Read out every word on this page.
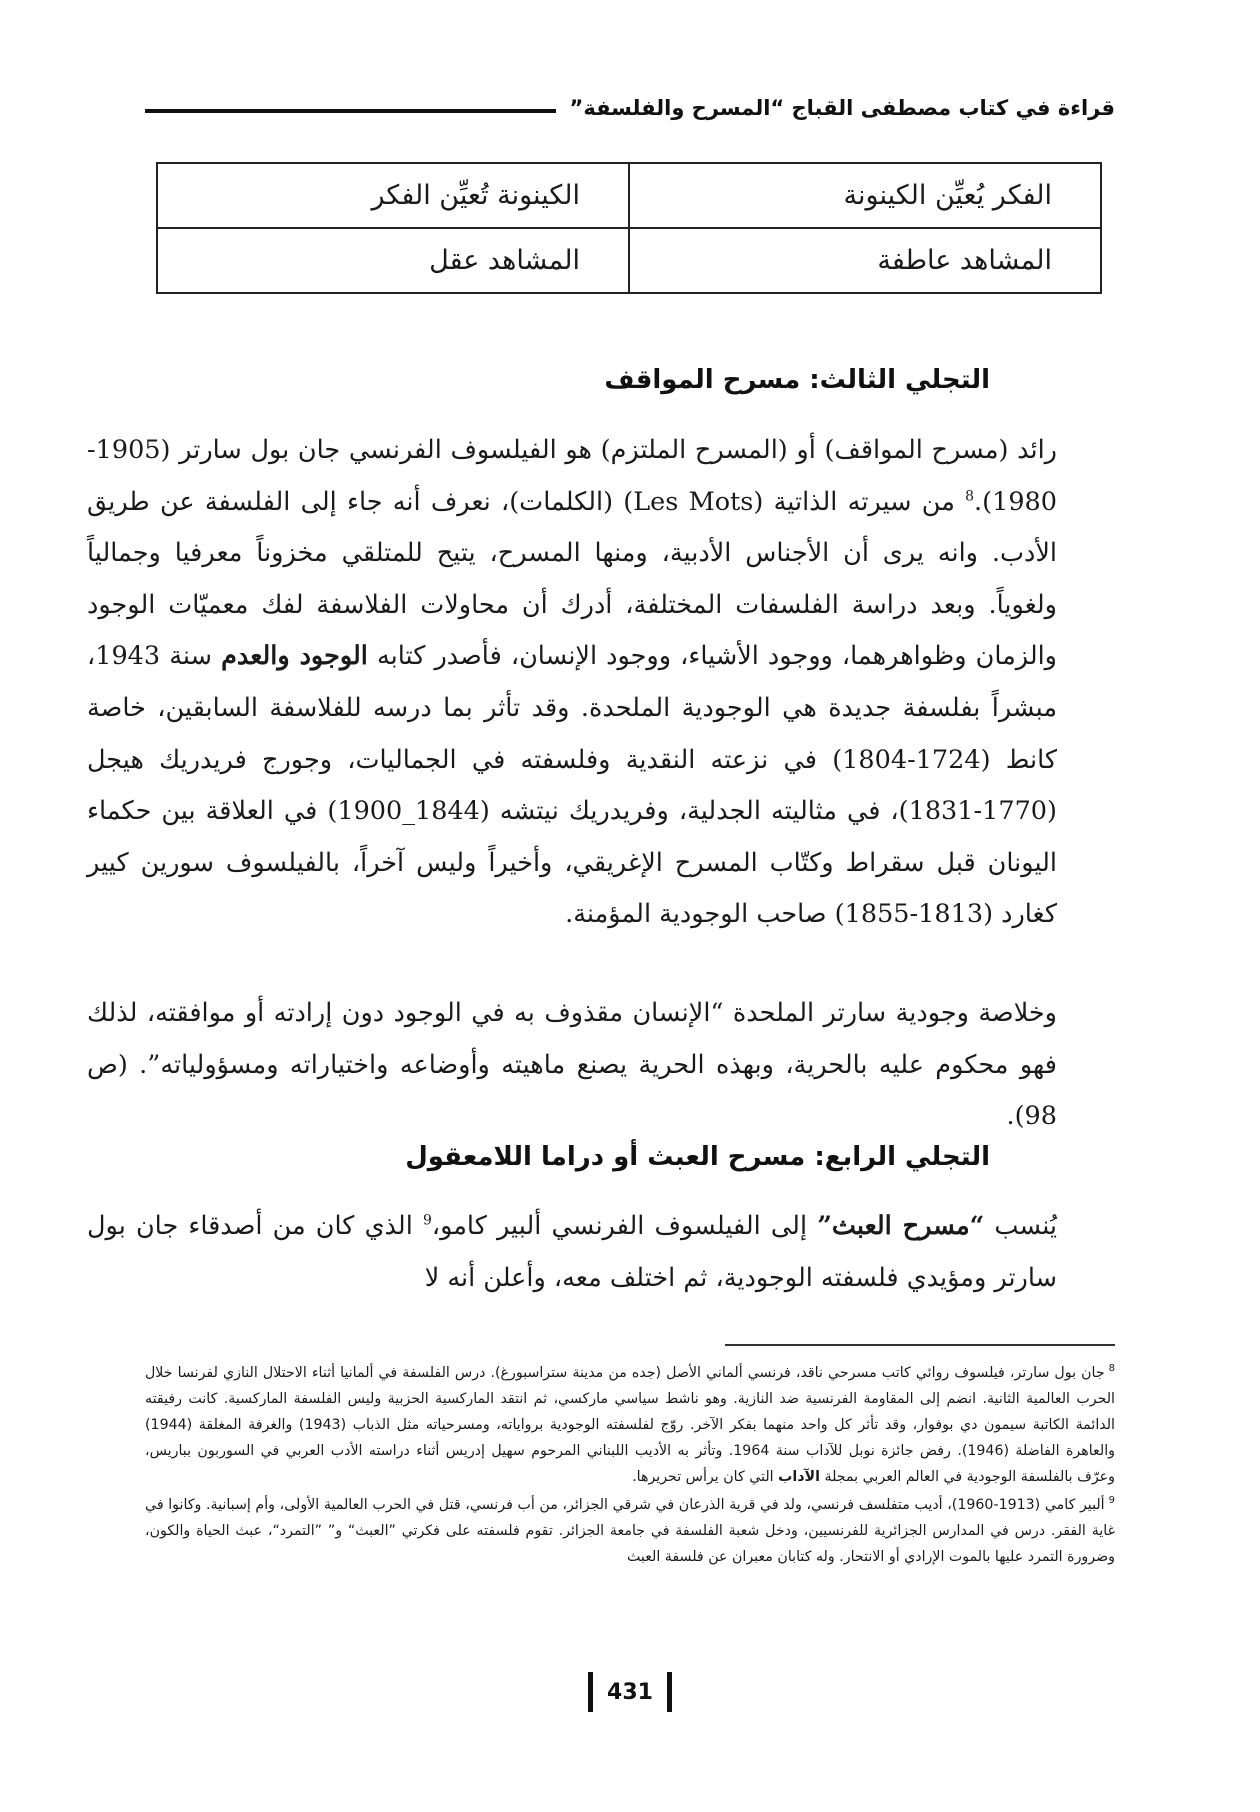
قراءة في كتاب مصطفى القباج “المسرح والفلسفة”
الفكر يُعيِّن الكينونة	الكينونة تُعيِّن الفكر
المشاهد عاطفة	المشاهد عقل
التجلي الثالث: مسرح المواقف

رائد (مسرح المواقف) أو (المسرح الملتزم) هو الفيلسوف الفرنسي جان بول سارتر (1905-1980).$^8$ من سيرته الذاتية (Les Mots) (الكلمات)، نعرف أنه جاء إلى الفلسفة عن طريق الأدب. وانه يرى أن الأجناس الأدبية، ومنها المسرح، يتيح للمتلقي مخزوناً معرفيا وجمالياً ولغوياً. وبعد دراسة الفلسفات المختلفة، أدرك أن محاولات الفلاسفة لفك معميّات الوجود والزمان وظواهرهما، ووجود الأشياء، ووجود الإنسان، فأصدر كتابه الوجود والعدم سنة 1943، مبشراً بفلسفة جديدة هي الوجودية الملحدة. وقد تأثر بما درسه للفلاسفة السابقين، خاصة كانط (1724-1804) في نزعته النقدية وفلسفته في الجماليات، وجورج فريدريك هيجل (1770-1831)، في مثاليته الجدلية، وفريدريك نيتشه (1844_1900) في العلاقة بين حكماء اليونان قبل سقراط وكتّاب المسرح الإغريقي، وأخيراً وليس آخراً، بالفيلسوف سورين كيير كغارد (1813-1855) صاحب الوجودية المؤمنة.

وخلاصة وجودية سارتر الملحدة “الإنسان مقذوف به في الوجود دون إرادته أو موافقته، لذلك فهو محكوم عليه بالحرية، وبهذه الحرية يصنع ماهيته وأوضاعه واختياراته ومسؤولياته”. (ص 98).

التجلي الرابع: مسرح العبث أو دراما اللامعقول

يُنسب “مسرح العبث” إلى الفيلسوف الفرنسي ألبير كامو،$^9$ الذي كان من أصدقاء جان بول سارتر ومؤيدي فلسفته الوجودية، ثم اختلف معه، وأعلن أنه لا

$^8$جان بول سارتر، فيلسوف روائي كاتب مسرحي ناقد، فرنسي ألماني الأصل (جده من مدينة ستراسبورغ). درس الفلسفة في ألمانيا أثناء الاحتلال النازي لفرنسا خلال الحرب العالمية الثانية. انضم إلى المقاومة الفرنسية ضد النازية. وهو ناشط سياسي ماركسي، ثم انتقد الماركسية الحزبية وليس الفلسفة الماركسية. كانت رفيقته الدائمة الكاتبة سيمون دي بوفوار، وقد تأثر كل واحد منهما بفكر الآخر. روّج لفلسفته الوجودية برواياته، ومسرحياته مثل الذباب (1943) والغرفة المغلقة (1944) والعاهرة الفاضلة (1946). رفض جائزة نوبل للآداب سنة 1964. وتأثر به الأديب اللبناني المرحوم سهيل إدريس أثناء دراسته الأدب العربي في السوربون بباريس، وعرّف بالفلسفة الوجودية في العالم العربي بمجلة الآداب التي كان يرأس تحريرها.

$^9$ألبير كامي (1913-1960)، أديب متفلسف فرنسي، ولد في قرية الذرعان في شرقي الجزائر، من أب فرنسي، قتل في الحرب العالمية الأولى، وأم إسبانية. وكانوا في غاية الفقر. درس في المدارس الجزائرية للفرنسيين، ودخل شعبة الفلسفة في جامعة الجزائر. تقوم فلسفته على فكرتي ”العبث“ و” ”التمرد“، عبث الحياة والكون، وضرورة التمرد عليها بالموت الإرادي أو الانتحار. وله كتابان معبران عن فلسفة العبث

431
